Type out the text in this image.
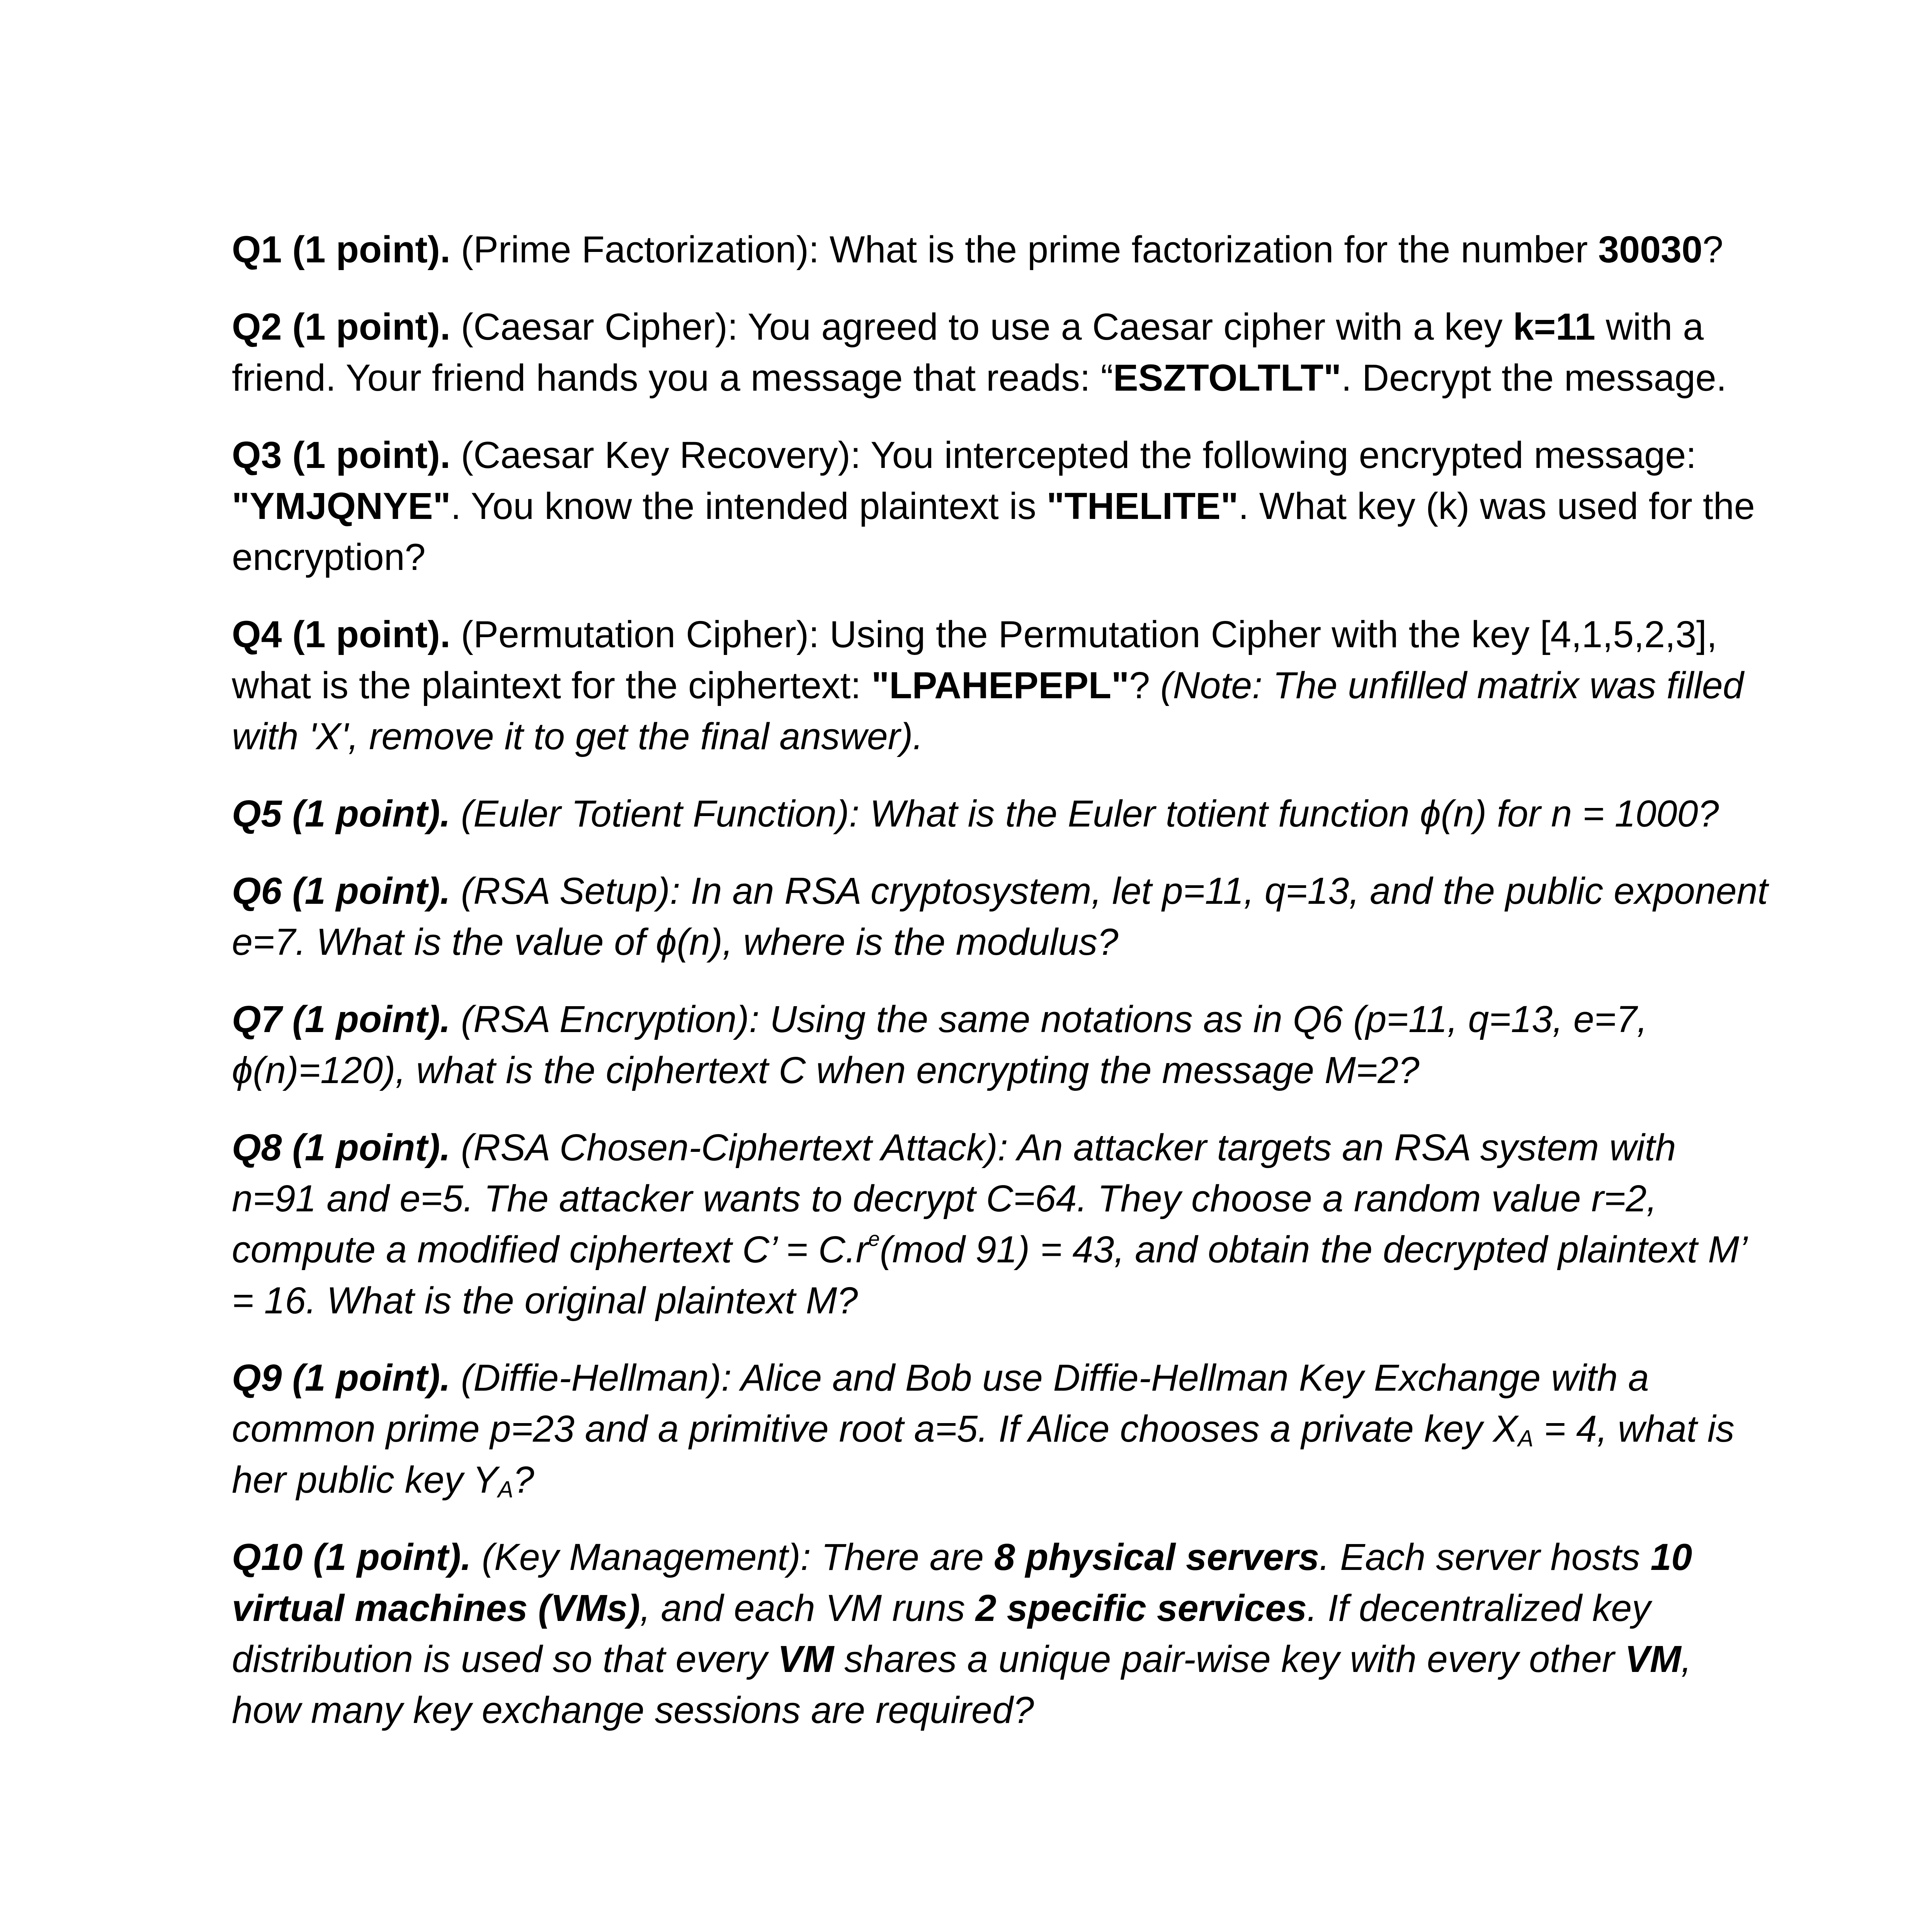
Q1 (1 point). (Prime Factorization): What is the prime factorization for the number 30030?

Q2 (1 point). (Caesar Cipher): You agreed to use a Caesar cipher with a key k=11 with a friend. Your friend hands you a message that reads: “ESZTOLTLT". Decrypt the message.

Q3 (1 point). (Caesar Key Recovery): You intercepted the following encrypted message: "YMJQNYE". You know the intended plaintext is "THELITE". What key (k) was used for the encryption?

Q4 (1 point). (Permutation Cipher): Using the Permutation Cipher with the key [4,1,5,2,3], what is the plaintext for the ciphertext: "LPAHEPEPL"? (Note: The unfilled matrix was filled with 'X', remove it to get the final answer).

Q5 (1 point). (Euler Totient Function): What is the Euler totient function ϕ(n) for n = 1000?

Q6 (1 point). (RSA Setup): In an RSA cryptosystem, let p=11, q=13, and the public exponent e=7. What is the value of ϕ(n), where is the modulus?

Q7 (1 point). (RSA Encryption): Using the same notations as in Q6 (p=11, q=13, e=7, ϕ(n)=120), what is the ciphertext C when encrypting the message M=2?

Q8 (1 point). (RSA Chosen-Ciphertext Attack): An attacker targets an RSA system with n=91 and e=5. The attacker wants to decrypt C=64. They choose a random value r=2, compute a modified ciphertext C’ = $C.r^e(mod$ 91) = 43, and obtain the decrypted plaintext M’ = 16. What is the original plaintext M?

Q9 (1 point). (Diffie-Hellman): Alice and Bob use Diffie-Hellman Key Exchange with a common prime p=23 and a primitive root a=5. If Alice chooses a private key $X_A = 4$, what is her public key $Y_A$?

Q10 (1 point). (Key Management): There are 8 physical servers. Each server hosts 10 virtual machines (VMs), and each VM runs 2 specific services. If decentralized key distribution is used so that every VM shares a unique pair-wise key with every other VM, how many key exchange sessions are required?
